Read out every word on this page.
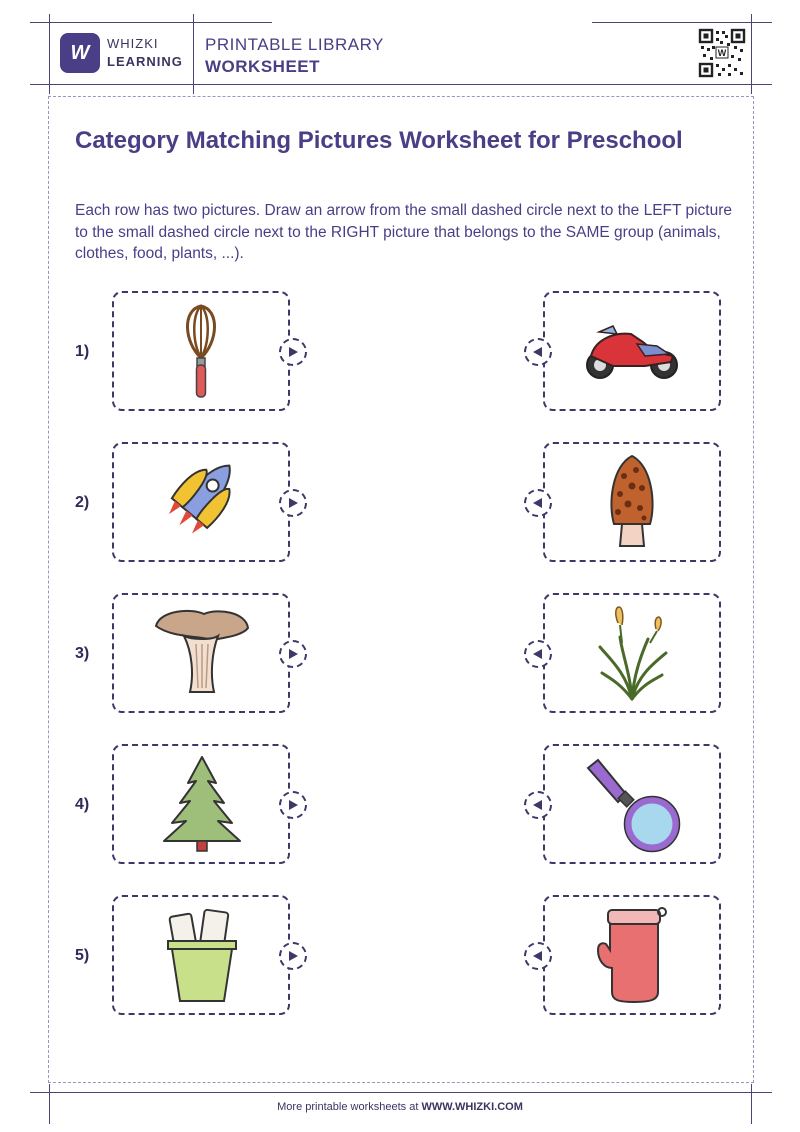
W WHIZKI
LEARNING
PRINTABLE LIBRARY
WORKSHEET
W
Category Matching Pictures Worksheet for Preschool

Each row has two pictures. Draw an arrow from the small dashed circle next to the LEFT picture to the small dashed circle next to the RIGHT picture that belongs to the SAME group (animals, clothes, food, plants, ...).

1)
2)
3)
4)
5)
More printable worksheets at WWW.WHIZKI.COM
